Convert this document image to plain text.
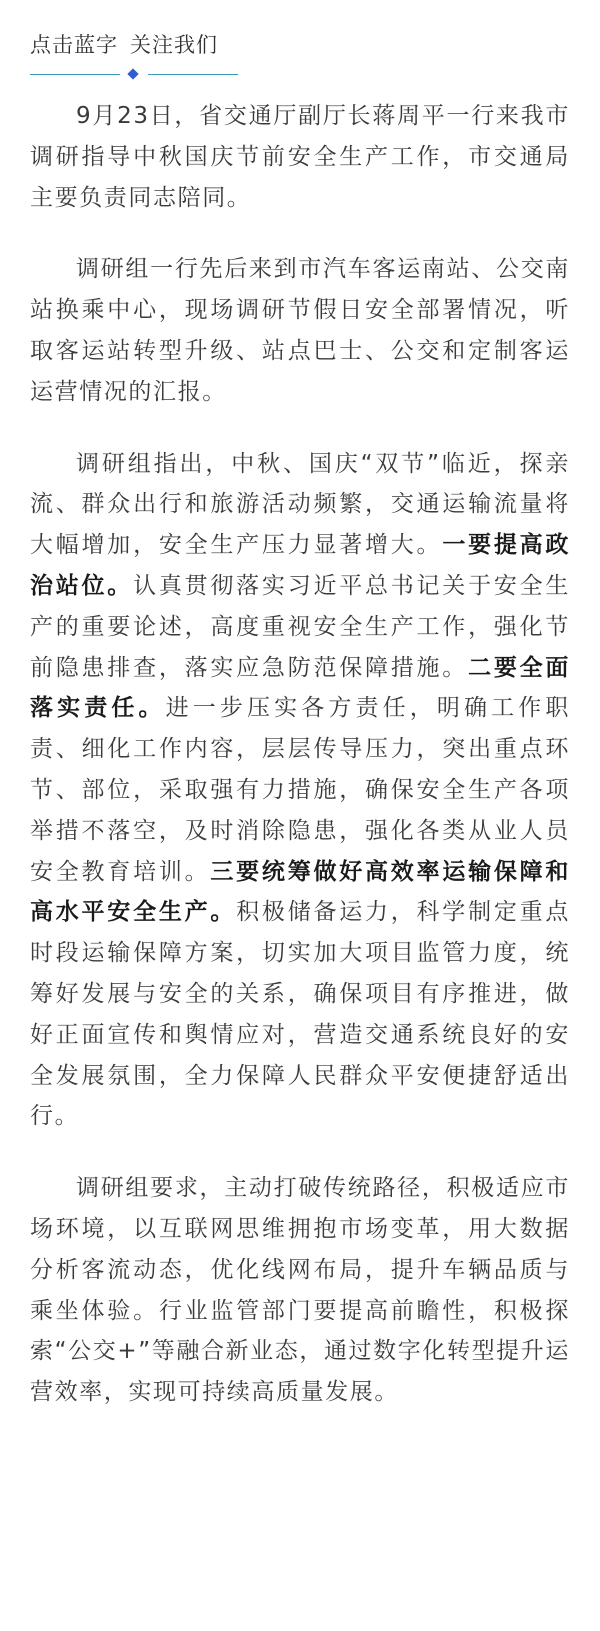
点击蓝字 关注我们

9月23日，省交通厅副厅长蒋周平一行来我市调研指导中秋国庆节前安全生产工作，市交通局主要负责同志陪同。

调研组一行先后来到市汽车客运南站、公交南站换乘中心，现场调研节假日安全部署情况，听取客运站转型升级、站点巴士、公交和定制客运运营情况的汇报。

调研组指出，中秋、国庆“双节”临近，探亲流、群众出行和旅游活动频繁，交通运输流量将大幅增加，安全生产压力显著增大。一要提高政治站位。认真贯彻落实习近平总书记关于安全生产的重要论述，高度重视安全生产工作，强化节前隐患排查，落实应急防范保障措施。二要全面落实责任。进一步压实各方责任，明确工作职责、细化工作内容，层层传导压力，突出重点环节、部位，采取强有力措施，确保安全生产各项举措不落空，及时消除隐患，强化各类从业人员安全教育培训。三要统筹做好高效率运输保障和高水平安全生产。积极储备运力，科学制定重点时段运输保障方案，切实加大项目监管力度，统筹好发展与安全的关系，确保项目有序推进，做好正面宣传和舆情应对，营造交通系统良好的安全发展氛围，全力保障人民群众平安便捷舒适出行。

调研组要求，主动打破传统路径，积极适应市场环境，以互联网思维拥抱市场变革，用大数据分析客流动态，优化线网布局，提升车辆品质与乘坐体验。行业监管部门要提高前瞻性，积极探索“公交+”等融合新业态，通过数字化转型提升运营效率，实现可持续高质量发展。
